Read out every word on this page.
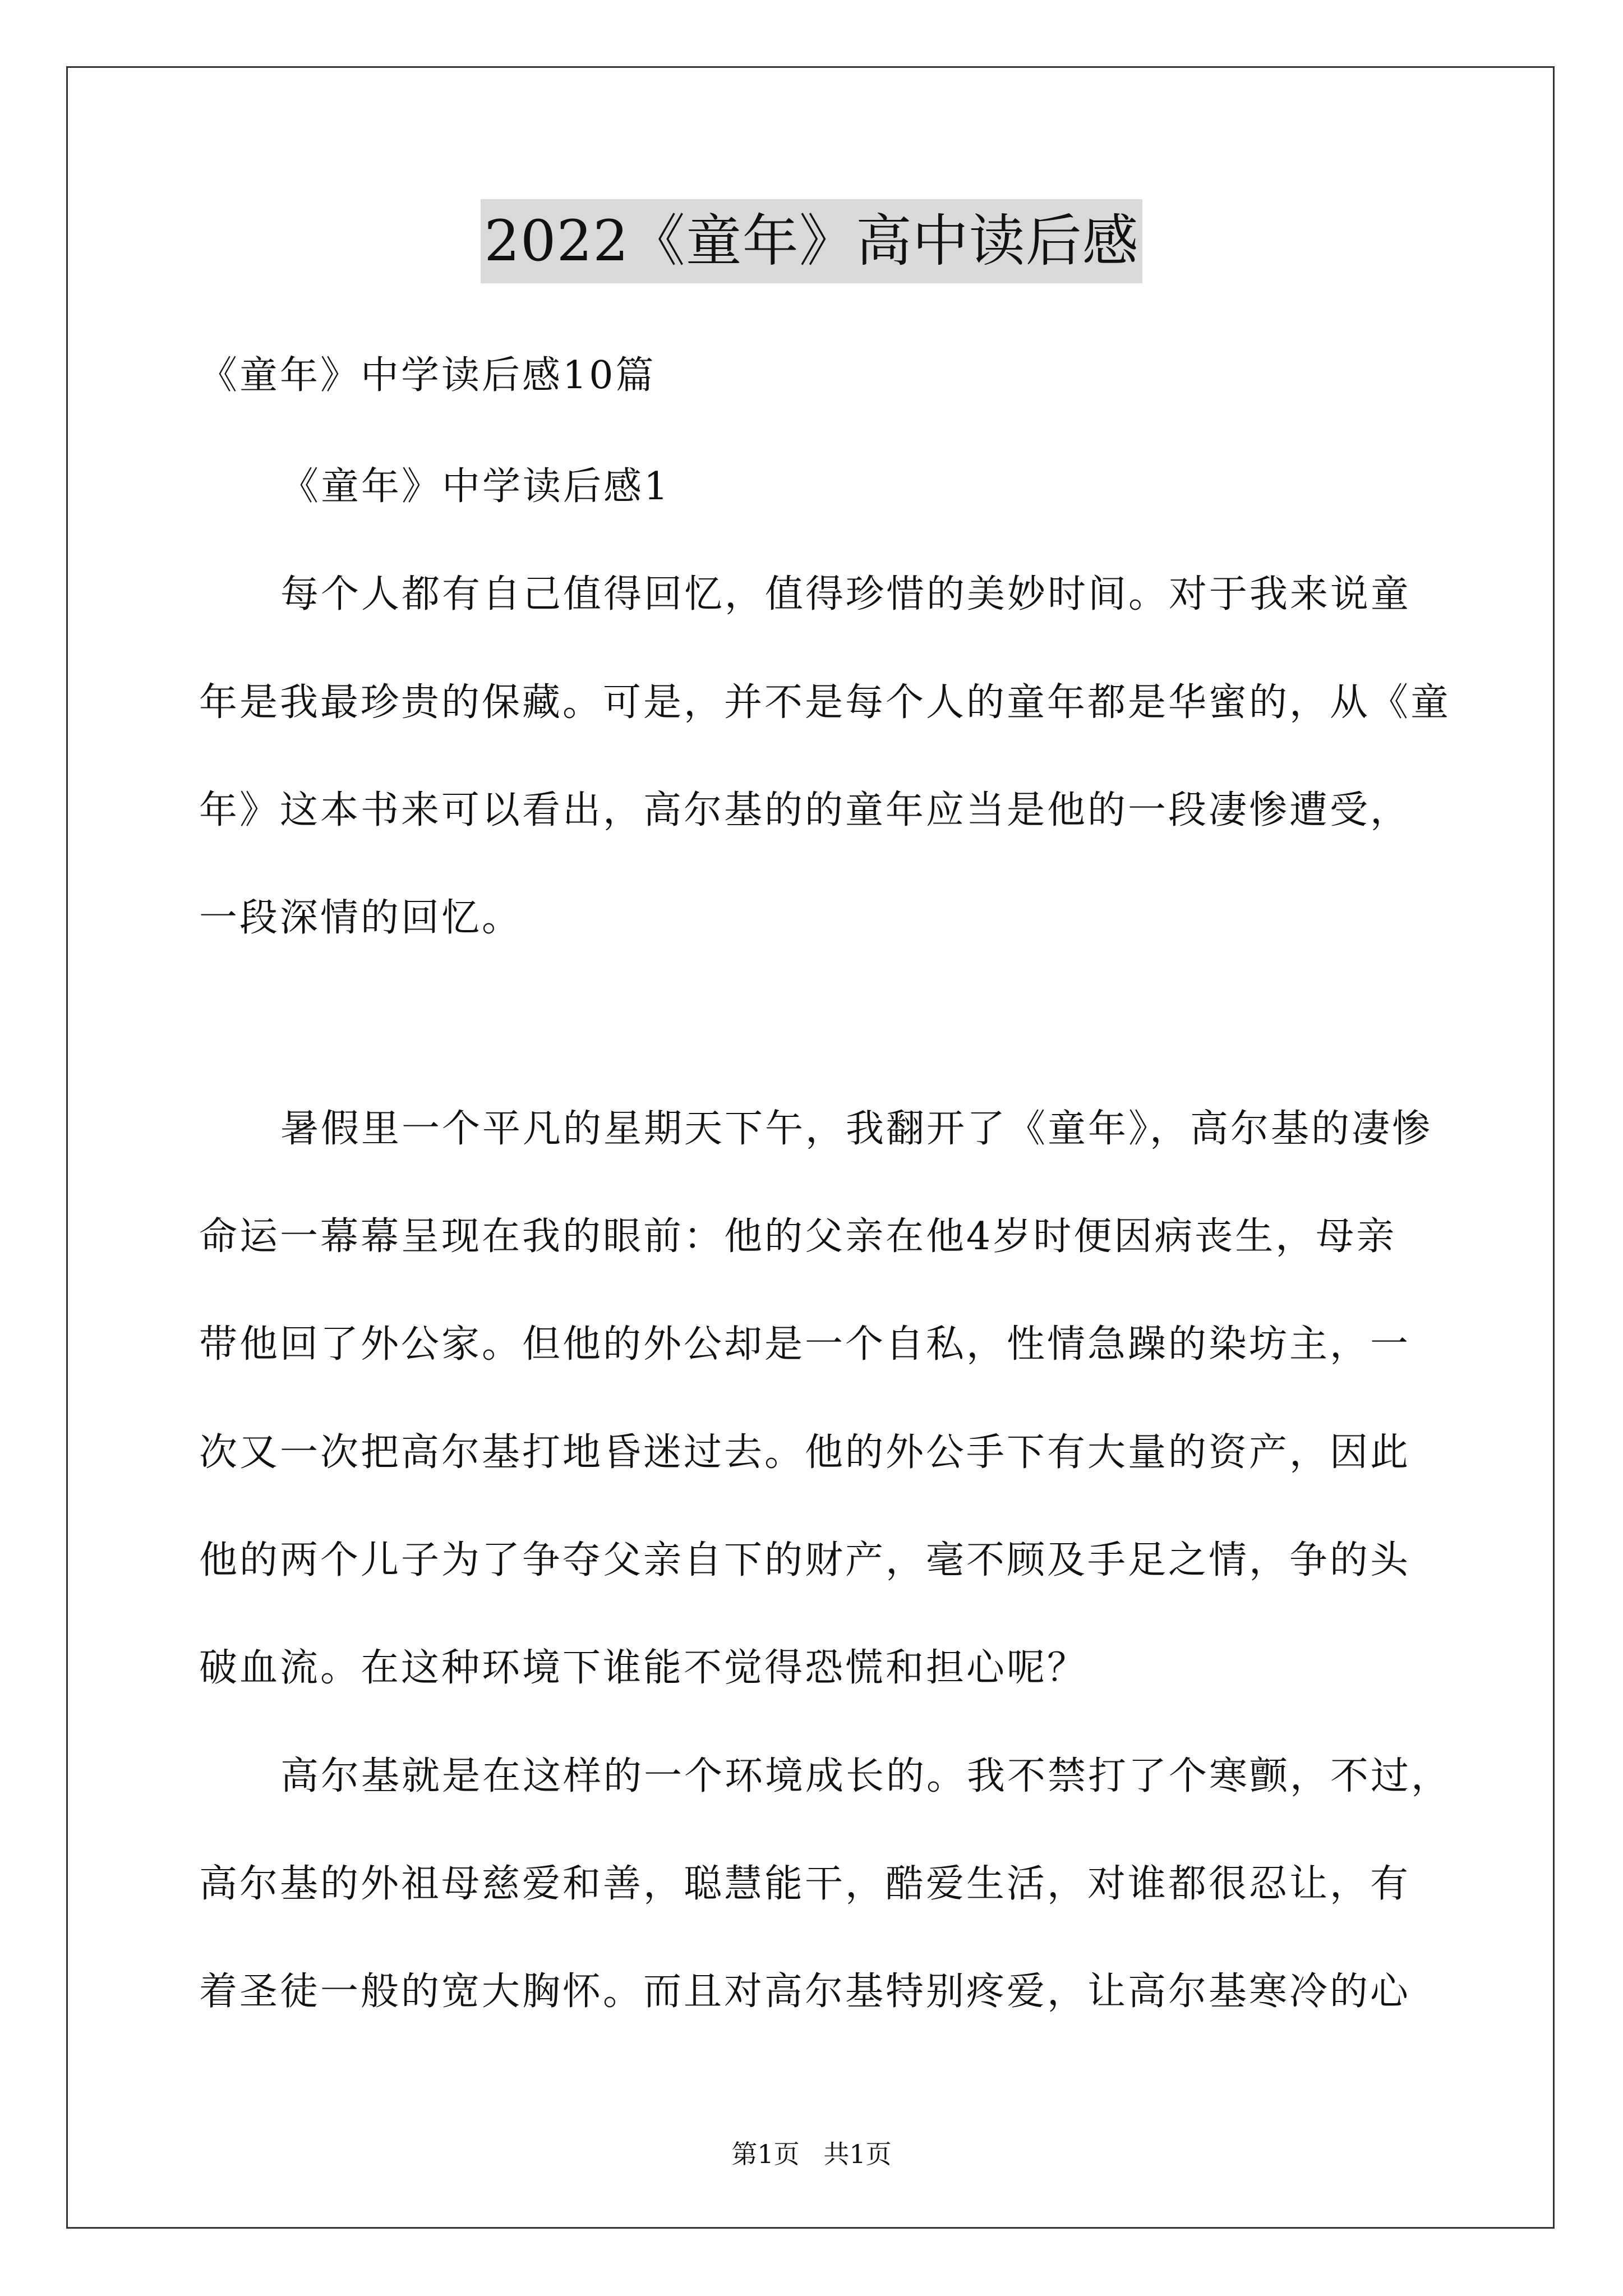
2022《童年》高中读后感
《童年》中学读后感10篇
《童年》中学读后感1
每个人都有自己值得回忆，值得珍惜的美妙时间。对于我来说童
年是我最珍贵的保藏。可是，并不是每个人的童年都是华蜜的，从《童
年》这本书来可以看出，高尔基的的童年应当是他的一段凄惨遭受，
一段深情的回忆。
暑假里一个平凡的星期天下午，我翻开了《童年》，高尔基的凄惨
命运一幕幕呈现在我的眼前：他的父亲在他4岁时便因病丧生，母亲
带他回了外公家。但他的外公却是一个自私，性情急躁的染坊主，一
次又一次把高尔基打地昏迷过去。他的外公手下有大量的资产，因此
他的两个儿子为了争夺父亲自下的财产，毫不顾及手足之情，争的头
破血流。在这种环境下谁能不觉得恐慌和担心呢？
高尔基就是在这样的一个环境成长的。我不禁打了个寒颤，不过，
高尔基的外祖母慈爱和善，聪慧能干，酷爱生活，对谁都很忍让，有
着圣徒一般的宽大胸怀。而且对高尔基特别疼爱，让高尔基寒冷的心
第1页 共1页
